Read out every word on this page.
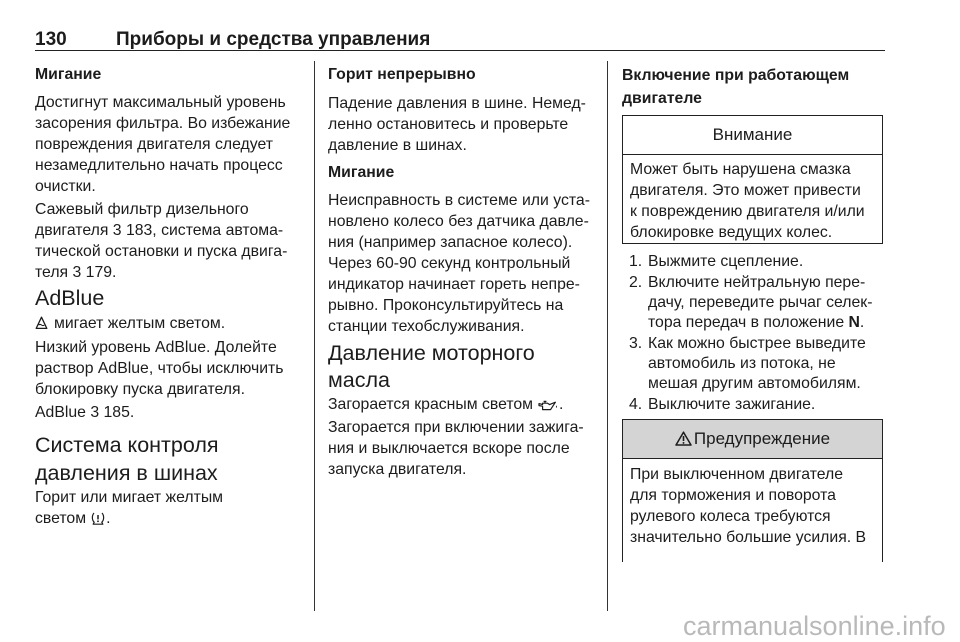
130	Приборы и средства управления
Мигание
Достигнут максимальный уровень
засорения фильтра. Во избежание
повреждения двигателя следует
незамедлительно начать процесс
очистки.
Сажевый фильтр дизельного
двигателя 3 183, система автома-
тической остановки и пуска двига-
теля 3 179.
AdBlue
мигает желтым светом.
Низкий уровень AdBlue. Долейте
раствор AdBlue, чтобы исключить
блокировку пуска двигателя.
AdBlue 3 185.
Система контроля
давления в шинах
Горит или мигает желтым
светом .
Горит непрерывно
Падение давления в шине. Немед-
ленно остановитесь и проверьте
давление в шинах.
Мигание
Неисправность в системе или уста-
новлено колесо без датчика давле-
ния (например запасное колесо).
Через 60-90 секунд контрольный
индикатор начинает гореть непре-
рывно. Проконсультируйтесь на
станции техобслуживания.
Давление моторного
масла
Загорается красным светом .
Загорается при включении зажига-
ния и выключается вскоре после
запуска двигателя.
Включение при работающем
двигателе
Внимание
Может быть нарушена смазка
двигателя. Это может привести
к повреждению двигателя и/или
блокировке ведущих колес.
1. Выжмите сцепление.
2. Включите нейтральную пере-
дачу, переведите рычаг селек-
тора передач в положение N.
3. Как можно быстрее выведите
автомобиль из потока, не
мешая другим автомобилям.
4. Выключите зажигание.
Предупреждение
При выключенном двигателе
для торможения и поворота
рулевого колеса требуются
значительно большие усилия. В
carmanualsonline.info
